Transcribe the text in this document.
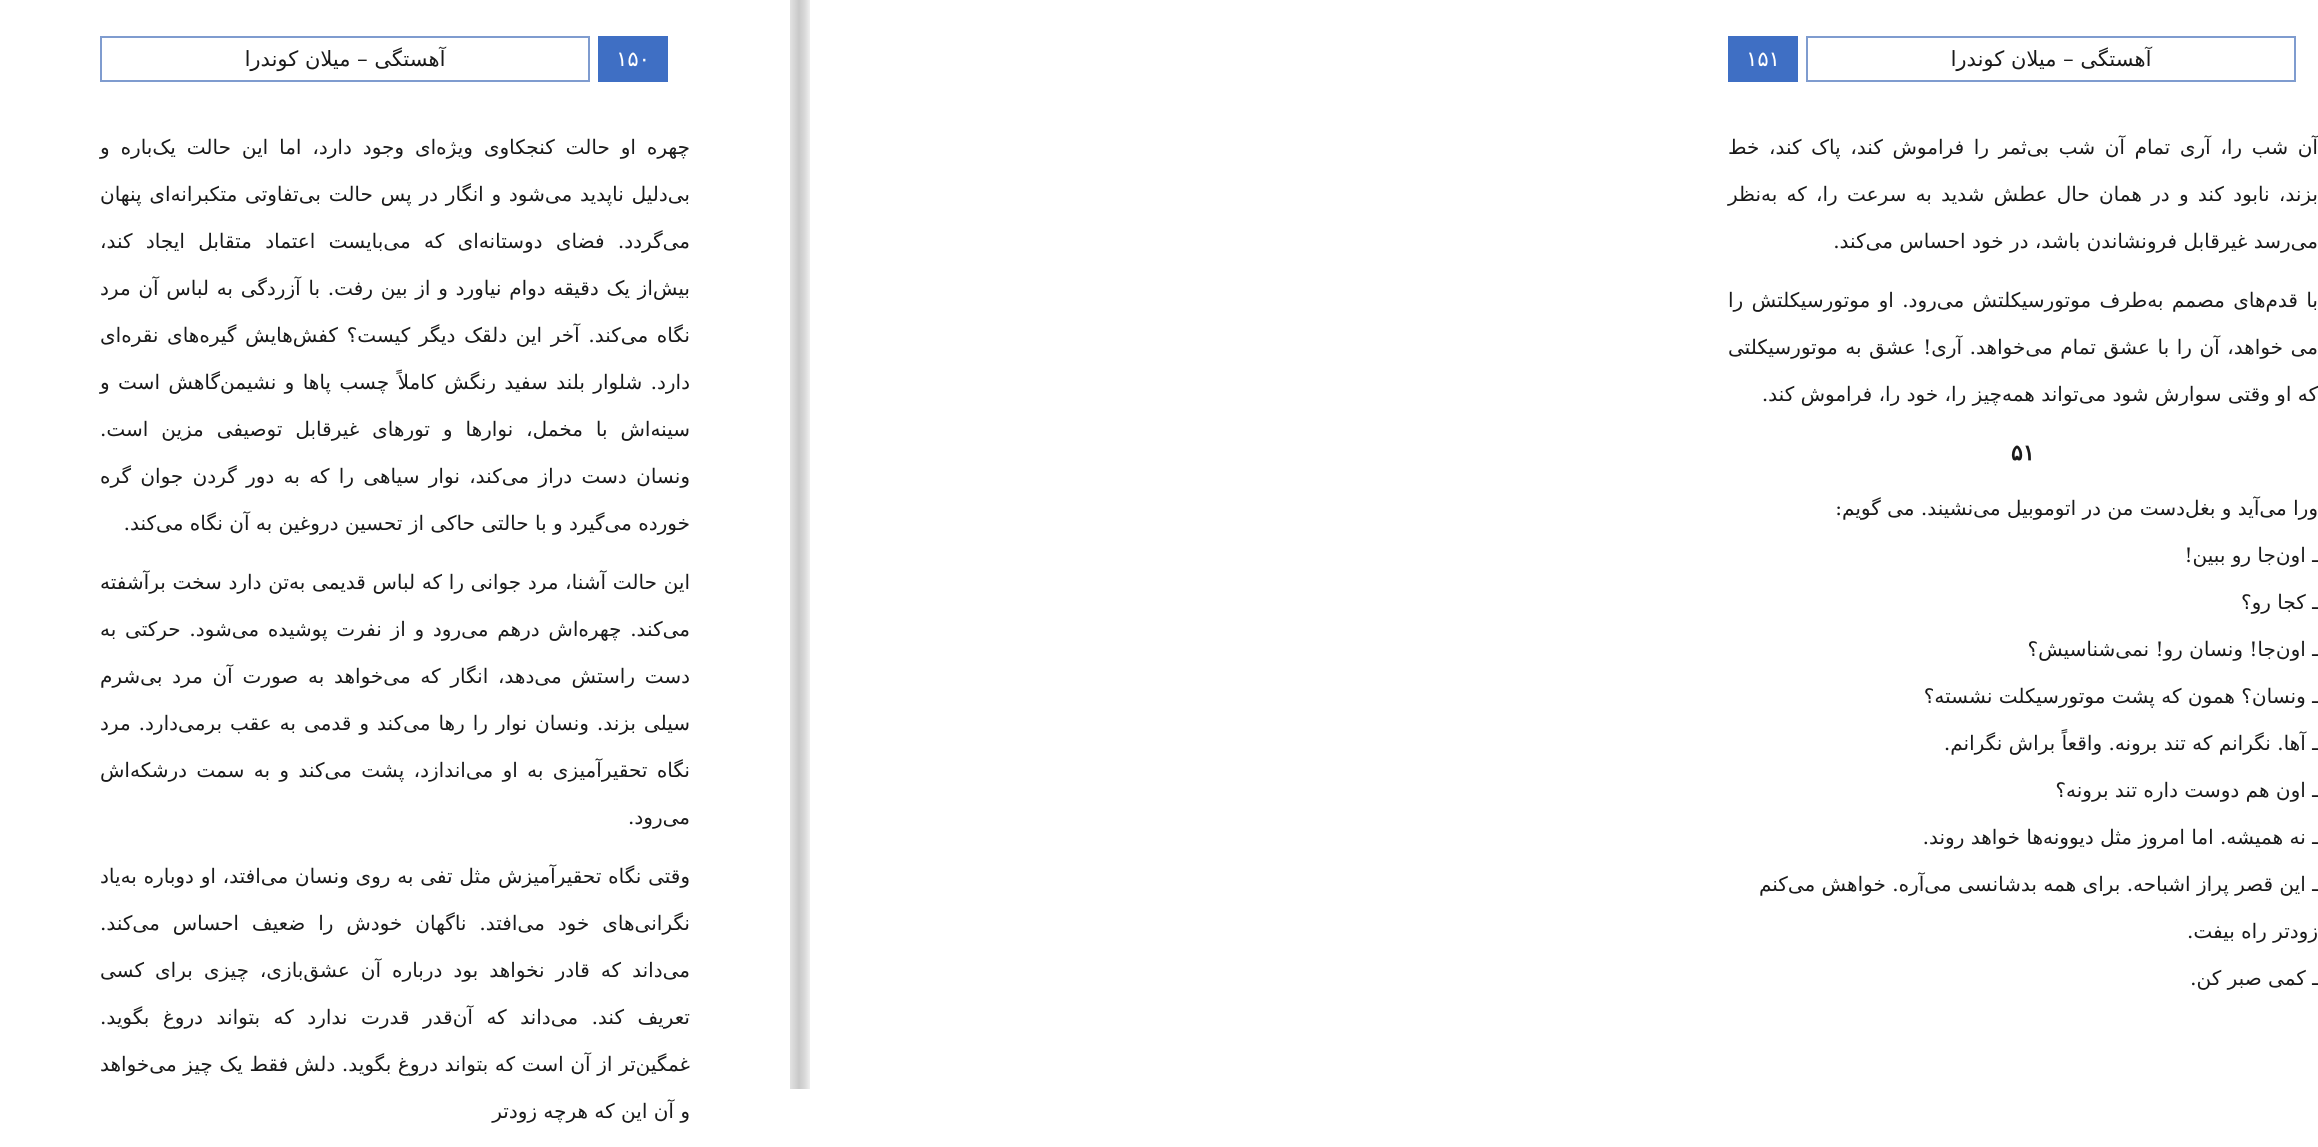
آهستگی – میلان کوندرا	۱۵۰

چهره او حالت کنجکاوی ویژه‌ای وجود دارد، اما این حالت یک‌باره و بی‌دلیل ناپدید می‌شود و انگار در پس حالت بی‌تفاوتی متکبرانه‌ای پنهان می‌گردد. فضای دوستانه‌ای که می‌بایست اعتماد متقابل ایجاد کند، بیش‌از یک دقیقه دوام نیاورد و از بین رفت. با آزردگی به لباس آن مرد نگاه می‌کند. آخر این دلقک دیگر کیست؟ کفش‌هایش گیره‌های نقره‌ای دارد. شلوار بلند سفید رنگش کاملاً چسب پاها و نشیمن‌گاهش است و سینه‌اش با مخمل، نوارها و تورهای غیرقابل توصیفی مزین است. ونسان دست دراز می‌کند، نوار سیاهی را که به دور گردن جوان گره خورده می‌گیرد و با حالتی حاکی از تحسین دروغین به آن نگاه می‌کند.

این حالت آشنا، مرد جوانی را که لباس قدیمی به‌تن دارد سخت برآشفته می‌کند. چهره‌اش درهم می‌رود و از نفرت پوشیده می‌شود. حرکتی به دست راستش می‌دهد، انگار که می‌خواهد به صورت آن مرد بی‌شرم سیلی بزند. ونسان نوار را رها می‌کند و قدمی به عقب برمی‌دارد. مرد نگاه تحقیرآمیزی به او می‌اندازد، پشت می‌کند و به سمت درشکه‌اش می‌رود.

وقتی نگاه تحقیرآمیزش مثل تفی به روی ونسان می‌افتد، او دوباره به‌یاد نگرانی‌های خود می‌افتد. ناگهان خودش را ضعیف احساس می‌کند. می‌داند که قادر نخواهد بود درباره آن عشق‌بازی، چیزی برای کسی تعریف کند. می‌داند که آن‌قدر قدرت ندارد که بتواند دروغ بگوید. غمگین‌تر از آن است که بتواند دروغ بگوید. دلش فقط یک چیز می‌خواهد و آن این که هرچه زودتر

۱۵۱	آهستگی – میلان کوندرا

آن شب را، آری تمام آن شب بی‌ثمر را فراموش کند، پاک کند، خط بزند، نابود کند و در همان حال عطش شدید به سرعت را، که به‌نظر می‌رسد غیرقابل فرونشاندن باشد، در خود احساس می‌کند.

با قدم‌های مصمم به‌طرف موتورسیکلتش می‌رود. او موتورسیکلتش را می خواهد، آن را با عشق تمام می‌خواهد. آری! عشق به موتورسیکلتی که او وقتی سوارش شود می‌تواند همه‌چیز را، خود را، فراموش کند.

۵۱

ورا می‌آید و بغل‌دست من در اتوموبیل می‌نشیند. می گویم:

ـ اون‌جا رو ببین!

ـ کجا رو؟

ـ اون‌جا! ونسان رو! نمی‌شناسیش؟

ـ ونسان؟ همون که پشت موتورسیکلت نشسته؟

ـ آها. نگرانم که تند برونه. واقعاً براش نگرانم.

ـ اون هم دوست داره تند برونه؟

ـ نه همیشه. اما امروز مثل دیوونه‌ها خواهد روند.

ـ این قصر پراز اشباحه. برای همه بدشانسی می‌آره. خواهش می‌کنم زودتر راه بیفت.

ـ کمی صبر کن.
